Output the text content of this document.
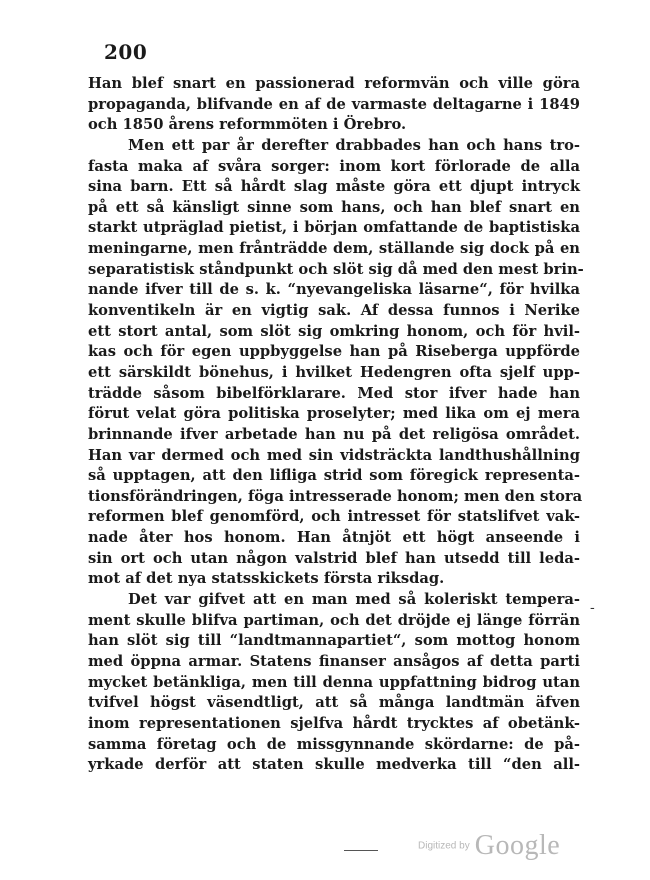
200
Han blef snart en passionerad reformvän och ville göra
propaganda, blifvande en af de varmaste deltagarne i 1849
och 1850 årens reformmöten i Örebro.
Men ett par år derefter drabbades han och hans tro-
fasta maka af svåra sorger: inom kort förlorade de alla
sina barn. Ett så hårdt slag måste göra ett djupt intryck
på ett så känsligt sinne som hans, och han blef snart en
starkt utpräglad pietist, i början omfattande de baptistiska
meningarne, men frånträdde dem, ställande sig dock på en
separatistisk ståndpunkt och slöt sig då med den mest brin-
nande ifver till de s. k. “nyevangeliska läsarne“, för hvilka
konventikeln är en vigtig sak. Af dessa funnos i Nerike
ett stort antal, som slöt sig omkring honom, och för hvil-
kas och för egen uppbyggelse han på Riseberga uppförde
ett särskildt bönehus, i hvilket Hedengren ofta sjelf upp-
trädde såsom bibelförklarare. Med stor ifver hade han
förut velat göra politiska proselyter; med lika om ej mera
brinnande ifver arbetade han nu på det religösa området.
Han var dermed och med sin vidsträckta landthushållning
så upptagen, att den lifliga strid som föregick representa-
tionsförändringen, föga intresserade honom; men den stora
reformen blef genomförd, och intresset för statslifvet vak-
nade åter hos honom. Han åtnjöt ett högt anseende i
sin ort och utan någon valstrid blef han utsedd till leda-
mot af det nya statsskickets första riksdag.
Det var gifvet att en man med så koleriskt tempera-
ment skulle blifva partiman, och det dröjde ej länge förrän
han slöt sig till “landtmannapartiet“, som mottog honom
med öppna armar. Statens finanser ansågos af detta parti
mycket betänkliga, men till denna uppfattning bidrog utan
tvifvel högst väsendtligt, att så många landtmän äfven
inom representationen sjelfva hårdt trycktes af obetänk-
samma företag och de missgynnande skördarne: de på-
yrkade derför att staten skulle medverka till “den all-
-
Digitized by Google
